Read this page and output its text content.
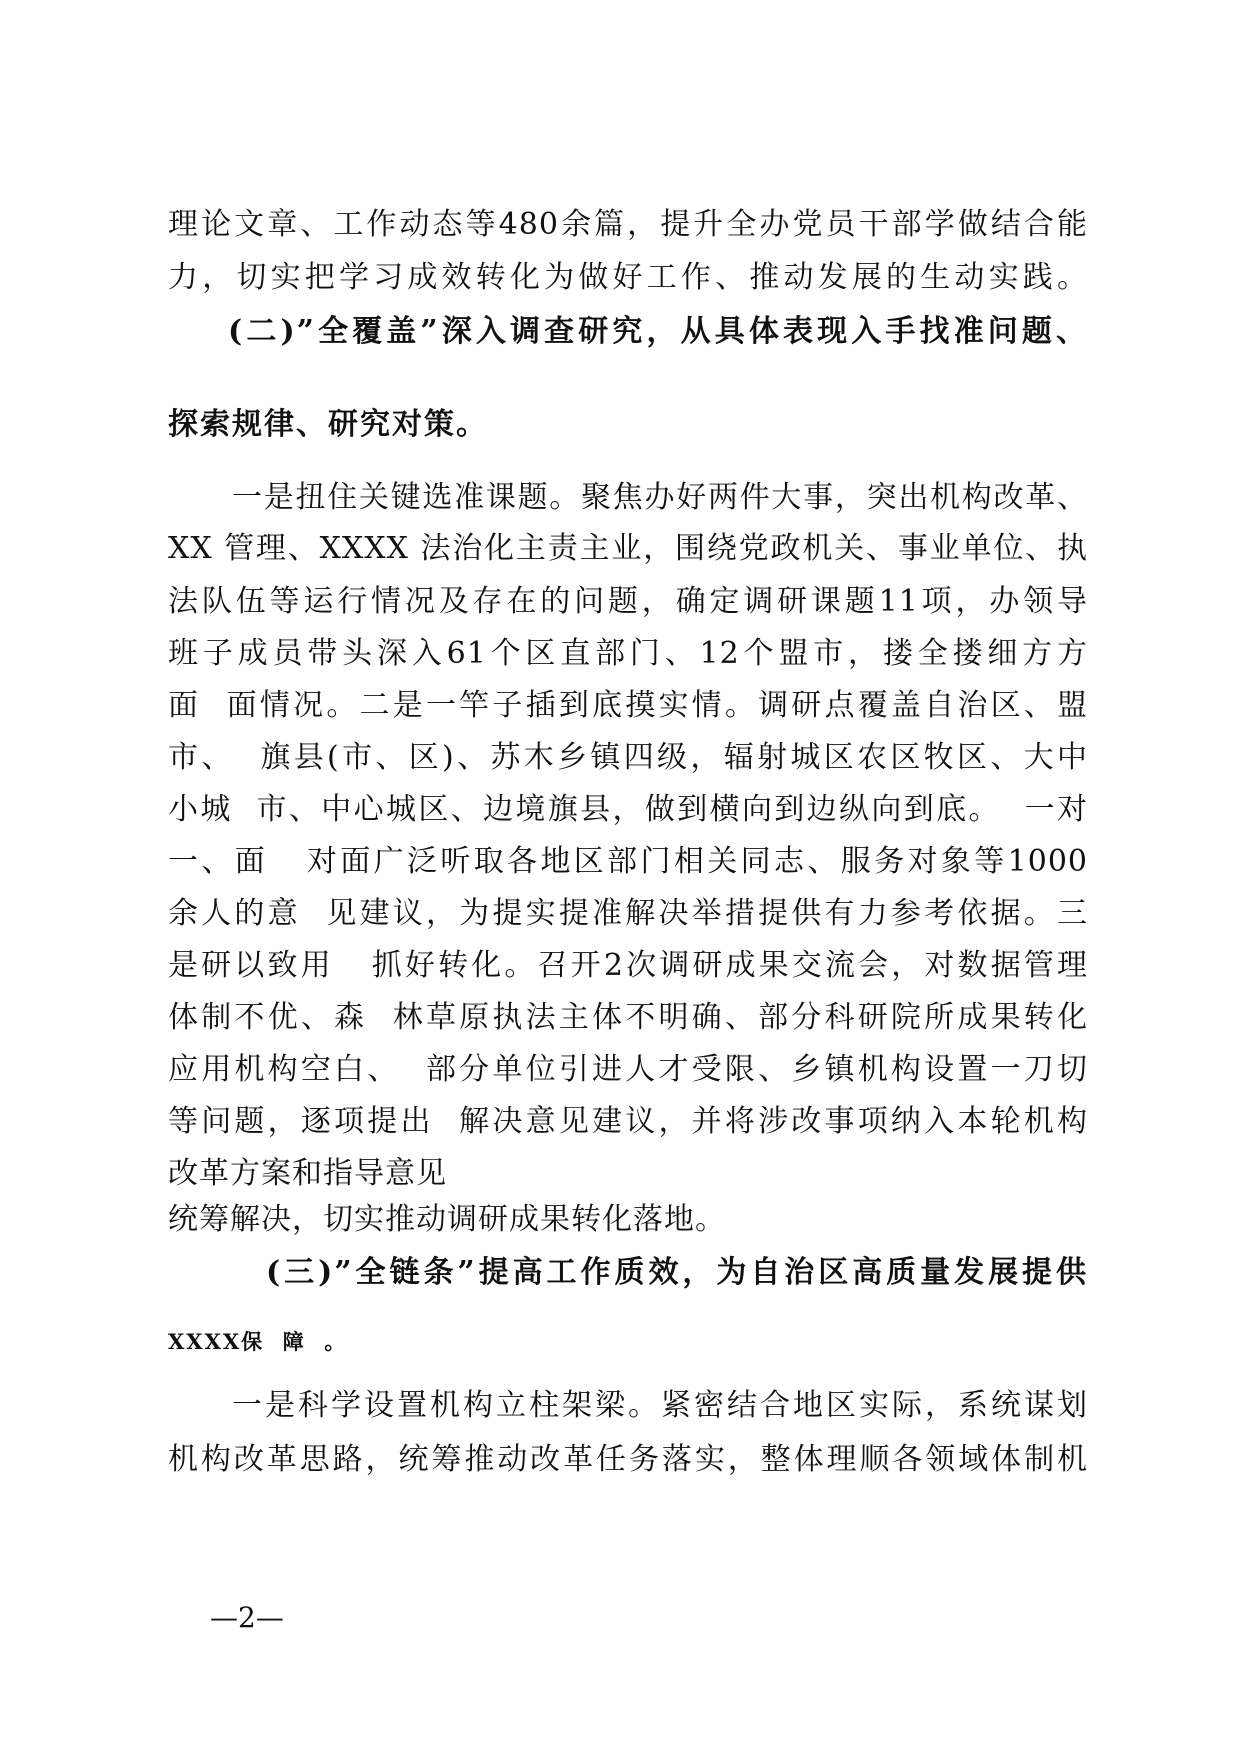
理论文章、工作动态等480余篇，提升全办党员干部学做结合能
力，切实把学习成效转化为做好工作、推动发展的生动实践。
(二)”全覆盖”深入调查研究，从具体表现入手找准问题、
探索规律、研究对策。
一是扭住关键选准课题。聚焦办好两件大事，突出机构改革、
XX 管理、XXXX 法治化主责主业，围绕党政机关、事业单位、执
法队伍等运行情况及存在的问题，确定调研课题11项，办领导
班子成员带头深入61个区直部门、12个盟市，搂全搂细方方
面  面情况。二是一竿子插到底摸实情。调研点覆盖自治区、盟
市、  旗县(市、区)、苏木乡镇四级，辐射城区农区牧区、大中
小城  市、中心城区、边境旗县，做到横向到边纵向到底。  一对
一、面   对面广泛听取各地区部门相关同志、服务对象等1000
余人的意  见建议，为提实提准解决举措提供有力参考依据。三
是研以致用   抓好转化。召开2次调研成果交流会，对数据管理
体制不优、森  林草原执法主体不明确、部分科研院所成果转化
应用机构空白、  部分单位引进人才受限、乡镇机构设置一刀切
等问题，逐项提出  解决意见建议，并将涉改事项纳入本轮机构
改革方案和指导意见
统筹解决，切实推动调研成果转化落地。
(三)”全链条”提高工作质效，为自治区高质量发展提供
XXXX保  障  。
一是科学设置机构立柱架梁。紧密结合地区实际，系统谋划
机构改革思路，统筹推动改革任务落实，整体理顺各领域体制机
—2—
